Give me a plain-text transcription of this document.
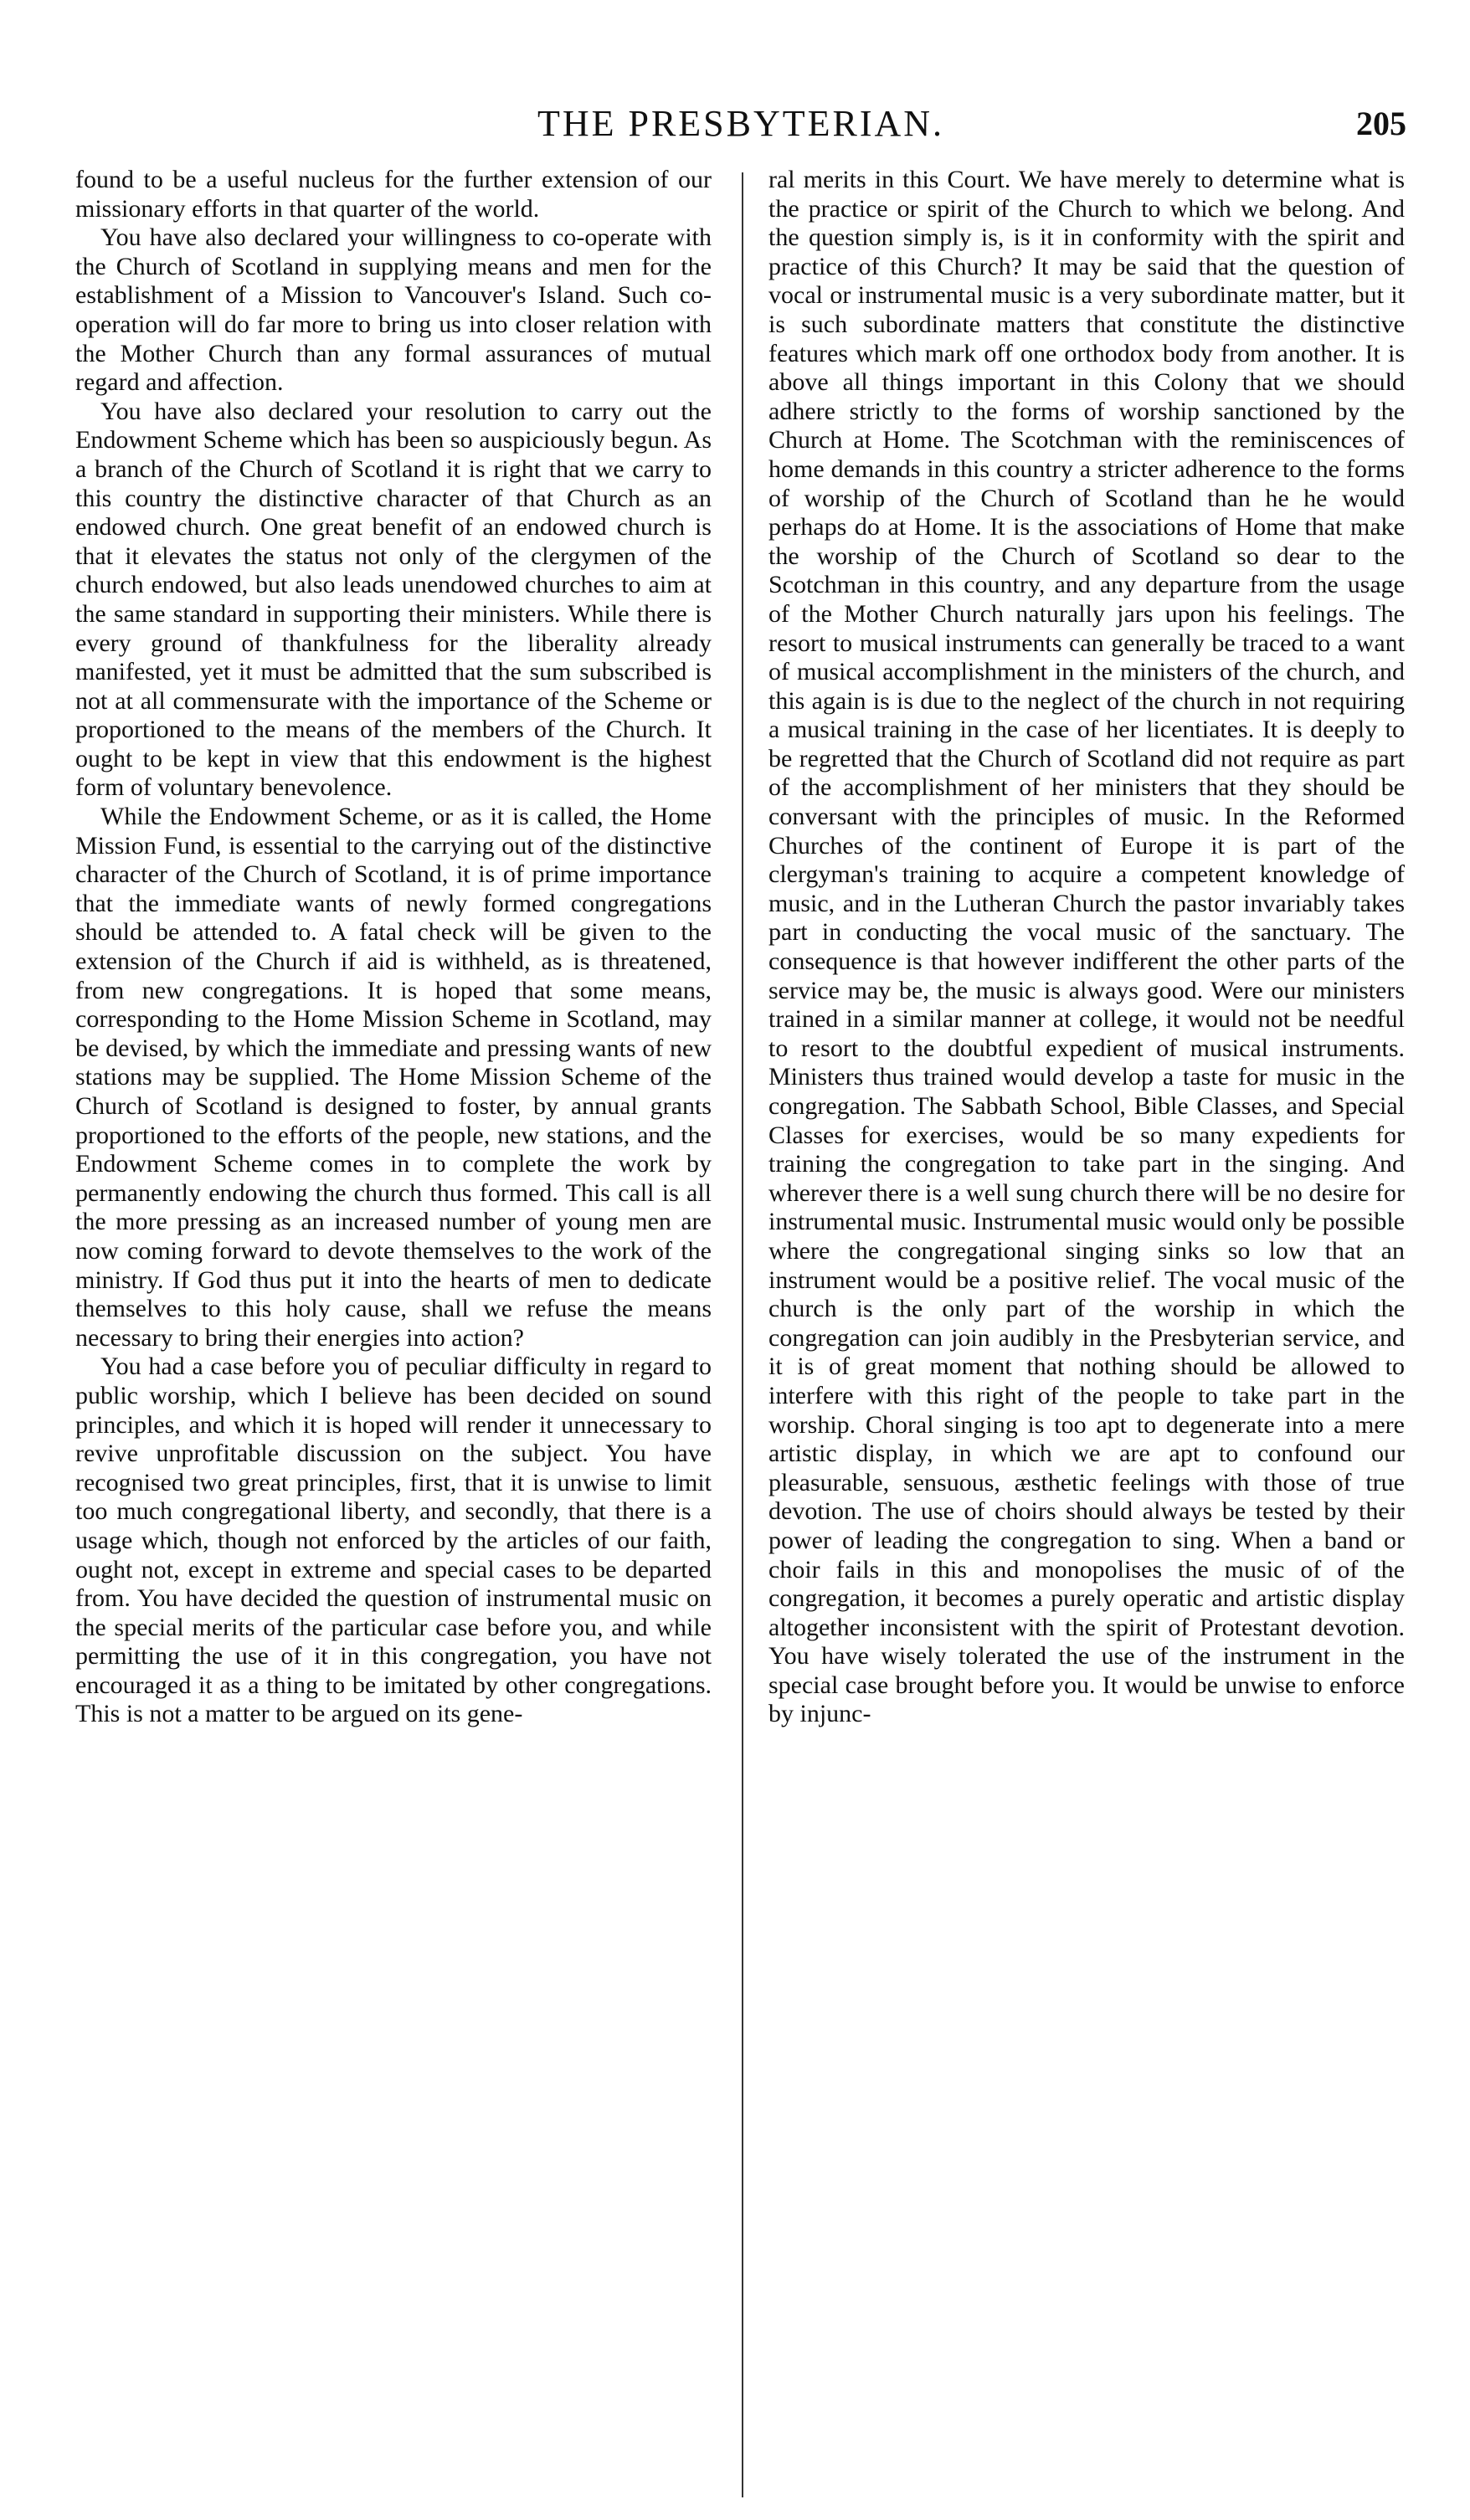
THE PRESBYTERIAN.	205

found to be a useful nucleus for the further extension of our missionary efforts in that quarter of the world.

You have also declared your willingness to co-operate with the Church of Scotland in supplying means and men for the establishment of a Mission to Vancouver's Island. Such co-operation will do far more to bring us into closer relation with the Mother Church than any formal assurances of mutual regard and affection.

You have also declared your resolution to carry out the Endowment Scheme which has been so auspiciously begun. As a branch of the Church of Scotland it is right that we carry to this country the distinctive character of that Church as an endowed church. One great benefit of an endowed church is that it elevates the status not only of the clergymen of the church endowed, but also leads unendowed churches to aim at the same standard in supporting their ministers. While there is every ground of thankfulness for the liberality already manifested, yet it must be admitted that the sum subscribed is not at all commensurate with the importance of the Scheme or proportioned to the means of the members of the Church. It ought to be kept in view that this endowment is the highest form of voluntary benevolence.

While the Endowment Scheme, or as it is called, the Home Mission Fund, is essential to the carrying out of the distinctive character of the Church of Scotland, it is of prime importance that the immediate wants of newly formed congregations should be attended to. A fatal check will be given to the extension of the Church if aid is withheld, as is threatened, from new congregations. It is hoped that some means, corresponding to the Home Mission Scheme in Scotland, may be devised, by which the immediate and pressing wants of new stations may be supplied. The Home Mission Scheme of the Church of Scotland is designed to foster, by annual grants proportioned to the efforts of the people, new stations, and the Endowment Scheme comes in to complete the work by permanently endowing the church thus formed. This call is all the more pressing as an increased number of young men are now coming forward to devote themselves to the work of the ministry. If God thus put it into the hearts of men to dedicate themselves to this holy cause, shall we refuse the means necessary to bring their energies into action?

You had a case before you of peculiar difficulty in regard to public worship, which I believe has been decided on sound principles, and which it is hoped will render it unnecessary to revive unprofitable discussion on the subject. You have recognised two great principles, first, that it is unwise to limit too much congregational liberty, and secondly, that there is a usage which, though not enforced by the articles of our faith, ought not, except in extreme and special cases to be departed from. You have decided the question of instrumental music on the special merits of the particular case before you, and while permitting the use of it in this congregation, you have not encouraged it as a thing to be imitated by other congregations. This is not a matter to be argued on its gene-

ral merits in this Court. We have merely to determine what is the practice or spirit of the Church to which we belong. And the question simply is, is it in conformity with the spirit and practice of this Church? It may be said that the question of vocal or instrumental music is a very subordinate matter, but it is such subordinate matters that constitute the distinctive features which mark off one orthodox body from another. It is above all things important in this Colony that we should adhere strictly to the forms of worship sanctioned by the Church at Home. The Scotchman with the reminiscences of home demands in this country a stricter adherence to the forms of worship of the Church of Scotland than he he would perhaps do at Home. It is the associations of Home that make the worship of the Church of Scotland so dear to the Scotchman in this country, and any departure from the usage of the Mother Church naturally jars upon his feelings. The resort to musical instruments can generally be traced to a want of musical accomplishment in the ministers of the church, and this again is is due to the neglect of the church in not requiring a musical training in the case of her licentiates. It is deeply to be regretted that the Church of Scotland did not require as part of the accomplishment of her ministers that they should be conversant with the principles of music. In the Reformed Churches of the continent of Europe it is part of the clergyman's training to acquire a competent knowledge of music, and in the Lutheran Church the pastor invariably takes part in conducting the vocal music of the sanctuary. The consequence is that however indifferent the other parts of the service may be, the music is always good. Were our ministers trained in a similar manner at college, it would not be needful to resort to the doubtful expedient of musical instruments. Ministers thus trained would develop a taste for music in the congregation. The Sabbath School, Bible Classes, and Special Classes for exercises, would be so many expedients for training the congregation to take part in the singing. And wherever there is a well sung church there will be no desire for instrumental music. Instrumental music would only be possible where the congregational singing sinks so low that an instrument would be a positive relief. The vocal music of the church is the only part of the worship in which the congregation can join audibly in the Presbyterian service, and it is of great moment that nothing should be allowed to interfere with this right of the people to take part in the worship. Choral singing is too apt to degenerate into a mere artistic display, in which we are apt to confound our pleasurable, sensuous, æsthetic feelings with those of true devotion. The use of choirs should always be tested by their power of leading the congregation to sing. When a band or choir fails in this and monopolises the music of of the congregation, it becomes a purely operatic and artistic display altogether inconsistent with the spirit of Protestant devotion. You have wisely tolerated the use of the instrument in the special case brought before you. It would be unwise to enforce by injunc-
